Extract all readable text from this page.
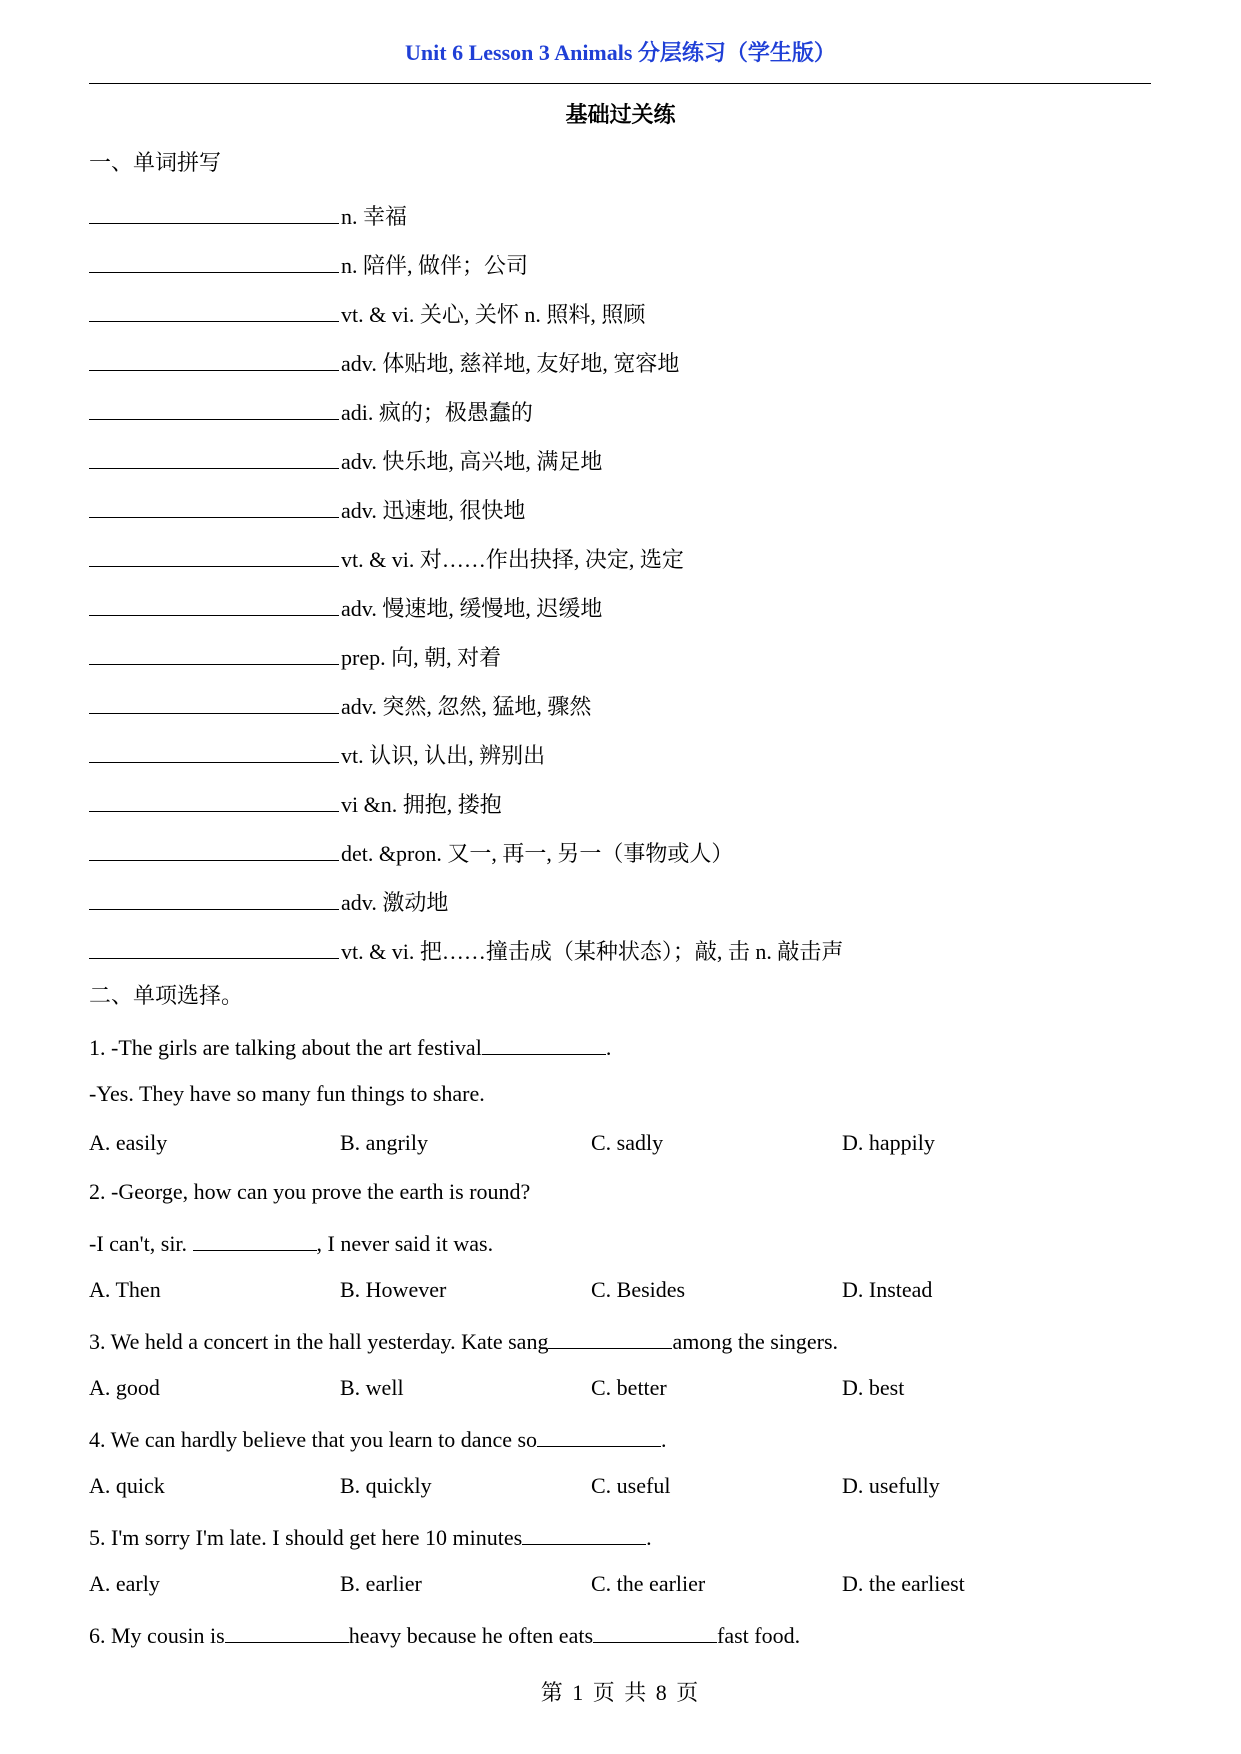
Unit 6 Lesson 3 Animals 分层练习（学生版）
基础过关练
一、单词拼写
n. 幸福
n. 陪伴, 做伴；公司
vt. & vi. 关心, 关怀 n. 照料, 照顾
adv. 体贴地, 慈祥地, 友好地, 宽容地
adi. 疯的；极愚蠢的
adv. 快乐地, 高兴地, 满足地
adv. 迅速地, 很快地
vt. & vi. 对……作出抉择, 决定, 选定
adv. 慢速地, 缓慢地, 迟缓地
prep. 向, 朝, 对着
adv. 突然, 忽然, 猛地, 骤然
vt. 认识, 认出, 辨别出
vi &n. 拥抱, 搂抱
det. &pron. 又一, 再一, 另一（事物或人）
adv. 激动地
vt. & vi. 把……撞击成（某种状态）；敲, 击 n. 敲击声
二、单项选择。
1. -The girls are talking about the art festival	.
-Yes. They have so many fun things to share.
A. easily	B. angrily	C. sadly	D. happily
2. -George, how can you prove the earth is round?
-I can't, sir.	, I never said it was.
A. Then	B. However	C. Besides	D. Instead
3. We held a concert in the hall yesterday. Kate sang	among the singers.
A. good	B. well	C. better	D. best
4. We can hardly believe that you learn to dance so	.
A. quick	B. quickly	C. useful	D. usefully
5. I'm sorry I'm late. I should get here 10 minutes	.
A. early	B. earlier	C. the earlier	D. the earliest
6. My cousin is	heavy because he often eats	fast food.
第 1 页 共 8 页
